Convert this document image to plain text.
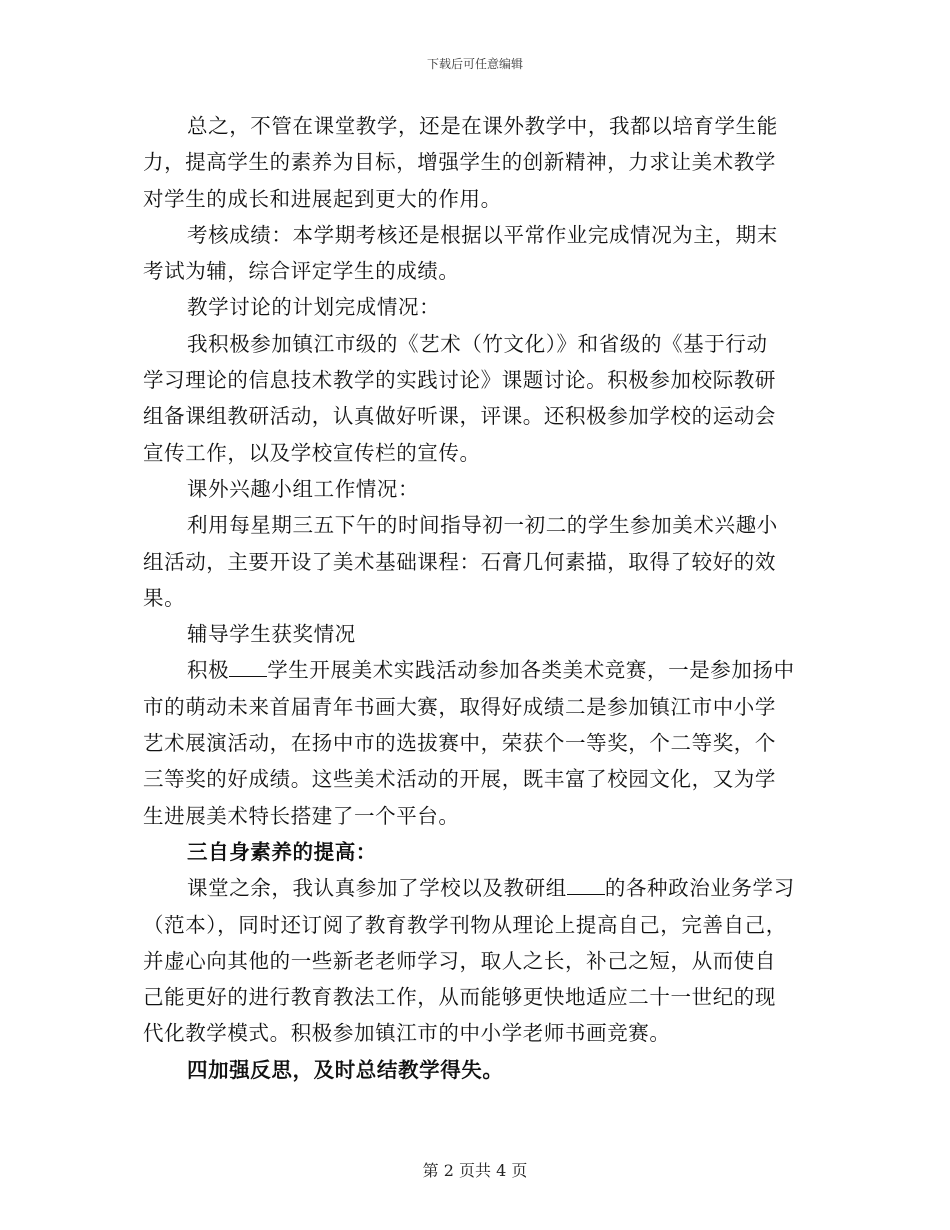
下载后可任意编辑
总之，不管在课堂教学，还是在课外教学中，我都以培育学生能
力，提高学生的素养为目标，增强学生的创新精神，力求让美术教学
对学生的成长和进展起到更大的作用。
考核成绩：本学期考核还是根据以平常作业完成情况为主，期末
考试为辅，综合评定学生的成绩。
教学讨论的计划完成情况：
我积极参加镇江市级的《艺术（竹文化）》和省级的《基于行动
学习理论的信息技术教学的实践讨论》课题讨论。积极参加校际教研
组备课组教研活动，认真做好听课，评课。还积极参加学校的运动会
宣传工作，以及学校宣传栏的宣传。
课外兴趣小组工作情况：
利用每星期三五下午的时间指导初一初二的学生参加美术兴趣小
组活动，主要开设了美术基础课程：石膏几何素描，取得了较好的效
果。
辅导学生获奖情况
积极 学生开展美术实践活动参加各类美术竞赛，一是参加扬中
市的萌动未来首届青年书画大赛，取得好成绩二是参加镇江市中小学
艺术展演活动，在扬中市的选拔赛中，荣获个一等奖，个二等奖，个
三等奖的好成绩。这些美术活动的开展，既丰富了校园文化，又为学
生进展美术特长搭建了一个平台。
三自身素养的提高：
课堂之余，我认真参加了学校以及教研组 的各种政治业务学习
（范本），同时还订阅了教育教学刊物从理论上提高自己，完善自己，
并虚心向其他的一些新老老师学习，取人之长，补己之短，从而使自
己能更好的进行教育教法工作，从而能够更快地适应二十一世纪的现
代化教学模式。积极参加镇江市的中小学老师书画竞赛。
四加强反思，及时总结教学得失。
第 2 页共 4 页
